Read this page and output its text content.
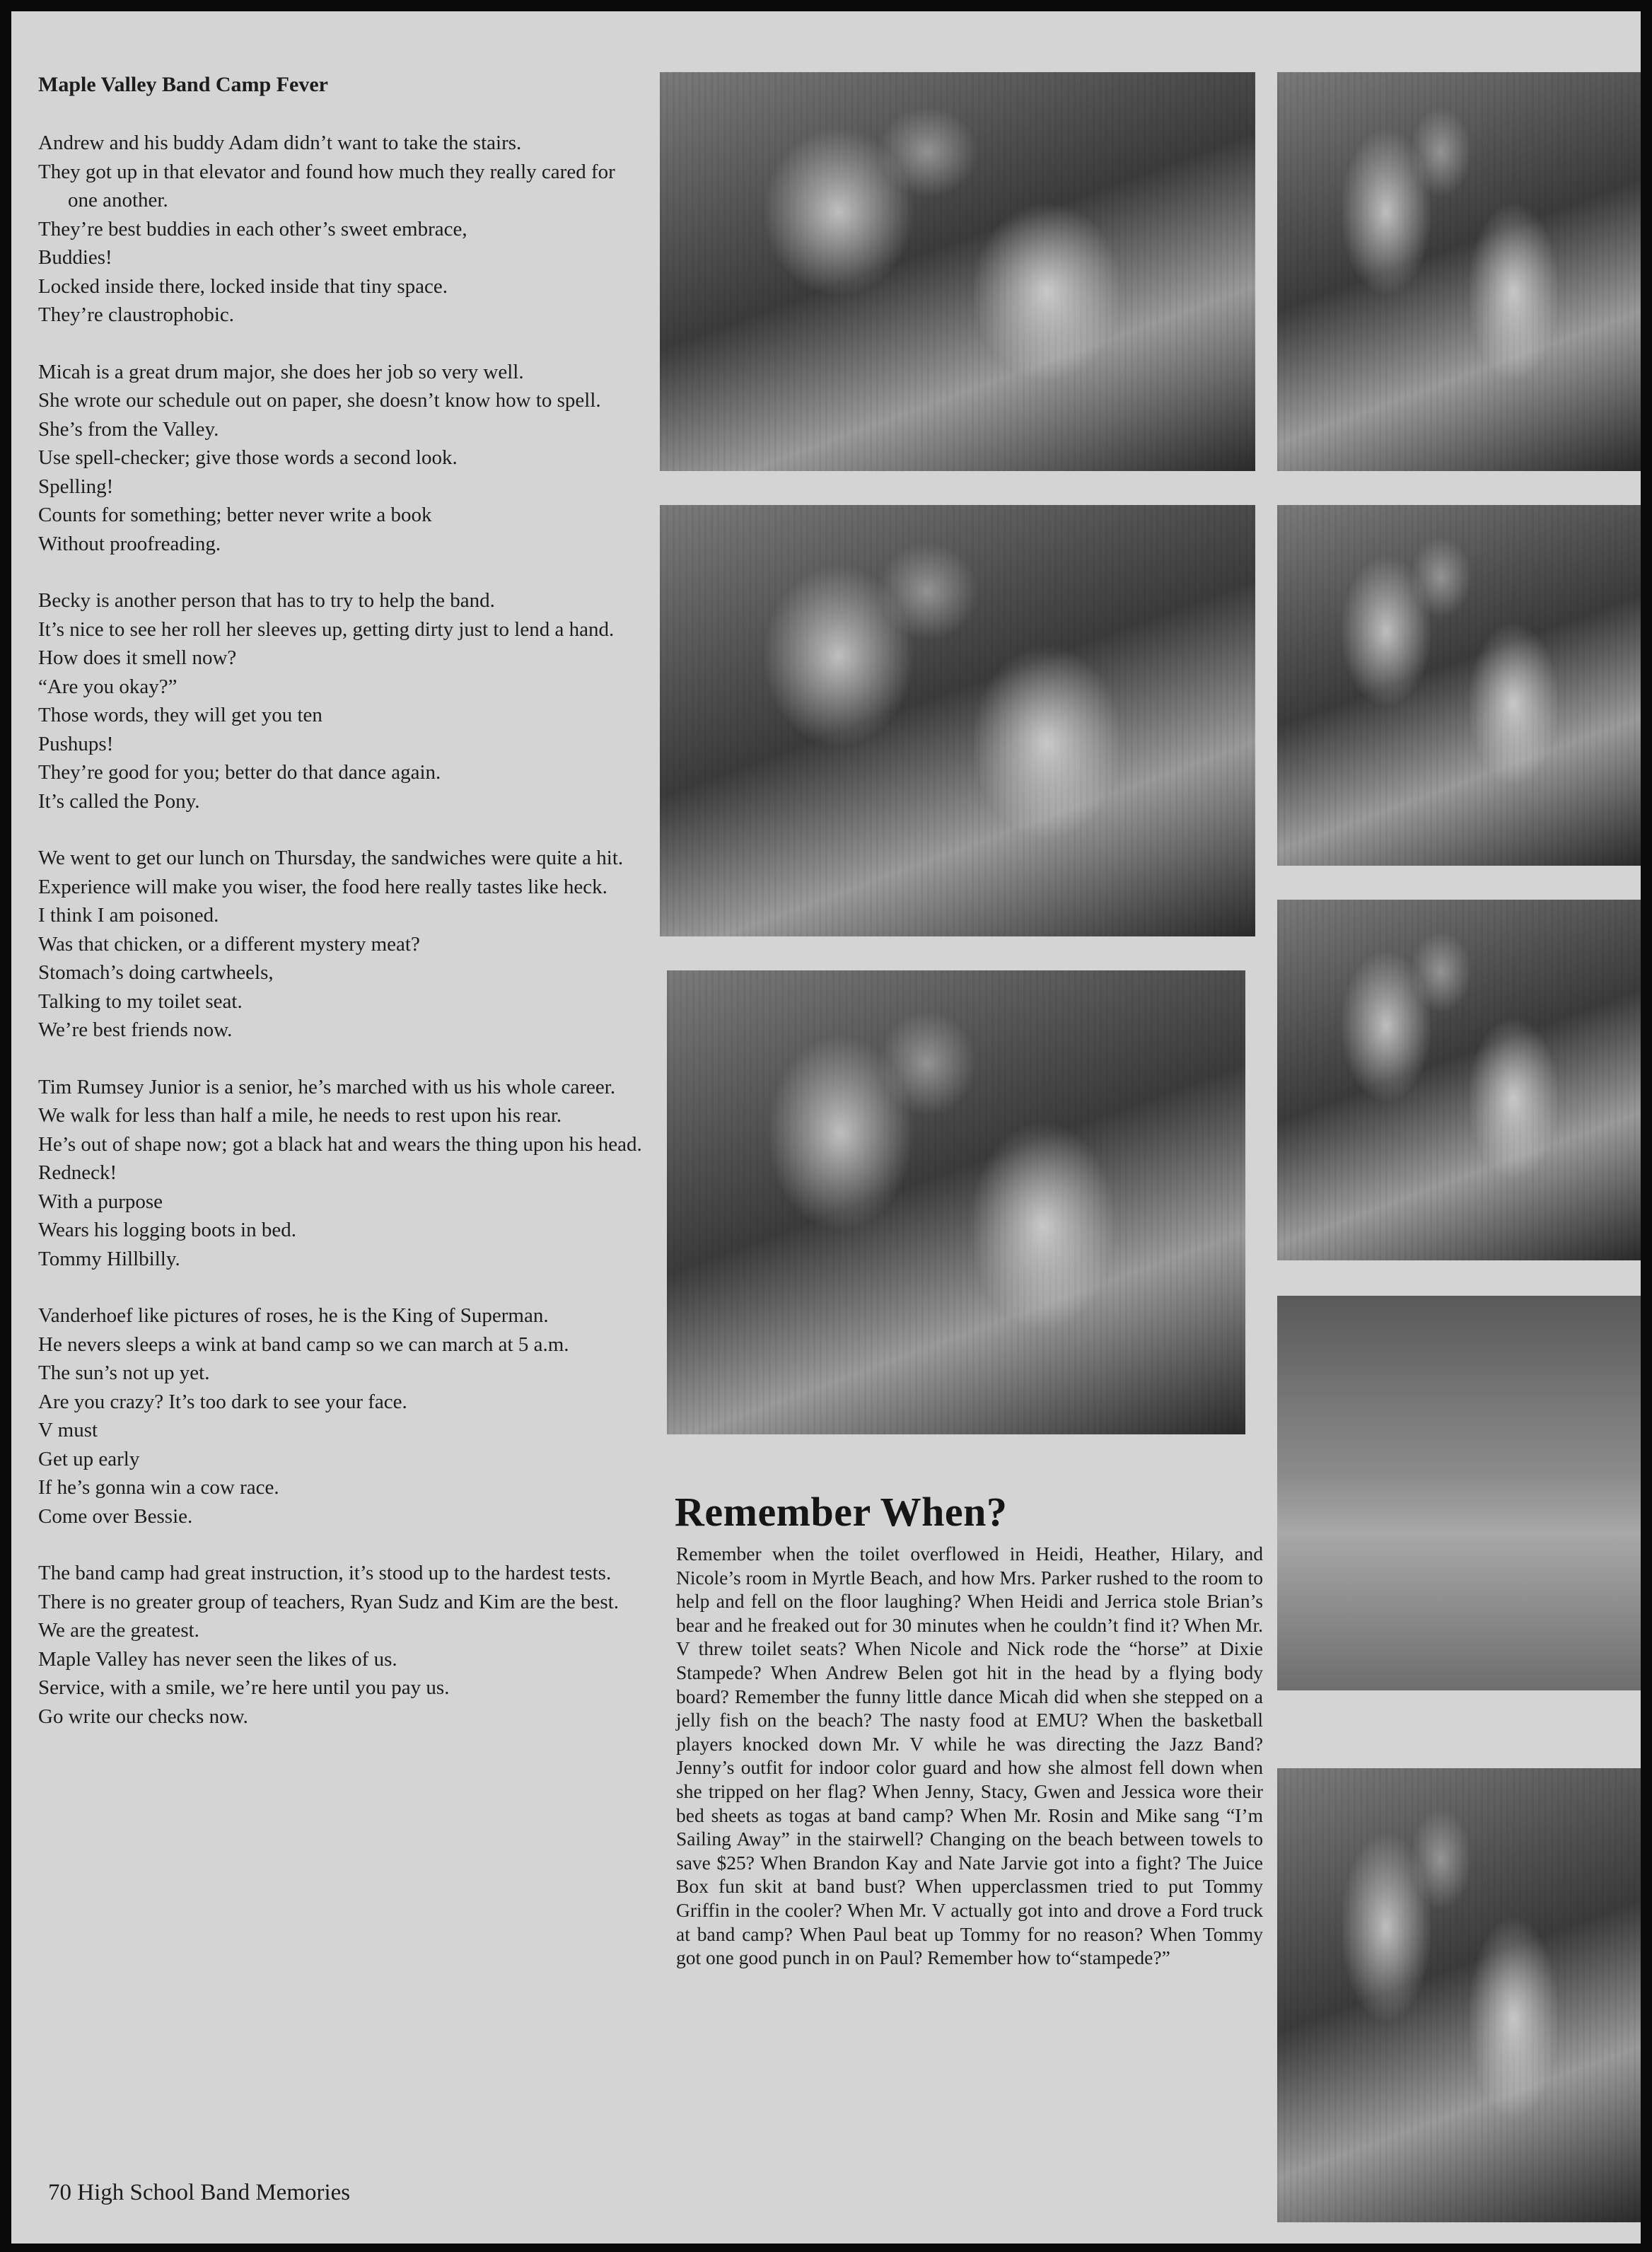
Maple Valley Band Camp Fever
Andrew and his buddy Adam didn’t want to take the stairs.
They got up in that elevator and found how much they really cared for one another.
They’re best buddies in each other’s sweet embrace,
Buddies!
Locked inside there, locked inside that tiny space.
They’re claustrophobic.
Micah is a great drum major, she does her job so very well.
She wrote our schedule out on paper, she doesn’t know how to spell.
She’s from the Valley.
Use spell-checker; give those words a second look.
Spelling!
Counts for something; better never write a book
Without proofreading.
Becky is another person that has to try to help the band.
It’s nice to see her roll her sleeves up, getting dirty just to lend a hand.
How does it smell now?
“Are you okay?”
Those words, they will get you ten
Pushups!
They’re good for you; better do that dance again.
It’s called the Pony.
We went to get our lunch on Thursday, the sandwiches were quite a hit.
Experience will make you wiser, the food here really tastes like heck.
I think I am poisoned.
Was that chicken, or a different mystery meat?
Stomach’s doing cartwheels,
Talking to my toilet seat.
We’re best friends now.
Tim Rumsey Junior is a senior, he’s marched with us his whole career.
We walk for less than half a mile, he needs to rest upon his rear.
He’s out of shape now; got a black hat and wears the thing upon his head.
Redneck!
With a purpose
Wears his logging boots in bed.
Tommy Hillbilly.
Vanderhoef like pictures of roses, he is the King of Superman.
He nevers sleeps a wink at band camp so we can march at 5 a.m.
The sun’s not up yet.
Are you crazy? It’s too dark to see your face.
V must
Get up early
If he’s gonna win a cow race.
Come over Bessie.
The band camp had great instruction, it’s stood up to the hardest tests.
There is no greater group of teachers, Ryan Sudz and Kim are the best.
We are the greatest.
Maple Valley has never seen the likes of us.
Service, with a smile, we’re here until you pay us.
Go write our checks now.
Remember When?

Remember when the toilet overflowed in Heidi, Heather, Hilary, and Nicole’s room in Myrtle Beach, and how Mrs. Parker rushed to the room to help and fell on the floor laughing? When Heidi and Jerrica stole Brian’s bear and he freaked out for 30 minutes when he couldn’t find it? When Mr. V threw toilet seats? When Nicole and Nick rode the “horse” at Dixie Stampede? When Andrew Belen got hit in the head by a flying body board? Remember the funny little dance Micah did when she stepped on a jelly fish on the beach? The nasty food at EMU? When the basketball players knocked down Mr. V while he was directing the Jazz Band? Jenny’s outfit for indoor color guard and how she almost fell down when she tripped on her flag? When Jenny, Stacy, Gwen and Jessica wore their bed sheets as togas at band camp? When Mr. Rosin and Mike sang “I’m Sailing Away” in the stairwell? Changing on the beach between towels to save $25? When Brandon Kay and Nate Jarvie got into a fight? The Juice Box fun skit at band bust? When upperclassmen tried to put Tommy Griffin in the cooler? When Mr. V actually got into and drove a Ford truck at band camp? When Paul beat up Tommy for no reason? When Tommy got one good punch in on Paul? Remember how to“stampede?”

70 High School Band Memories
